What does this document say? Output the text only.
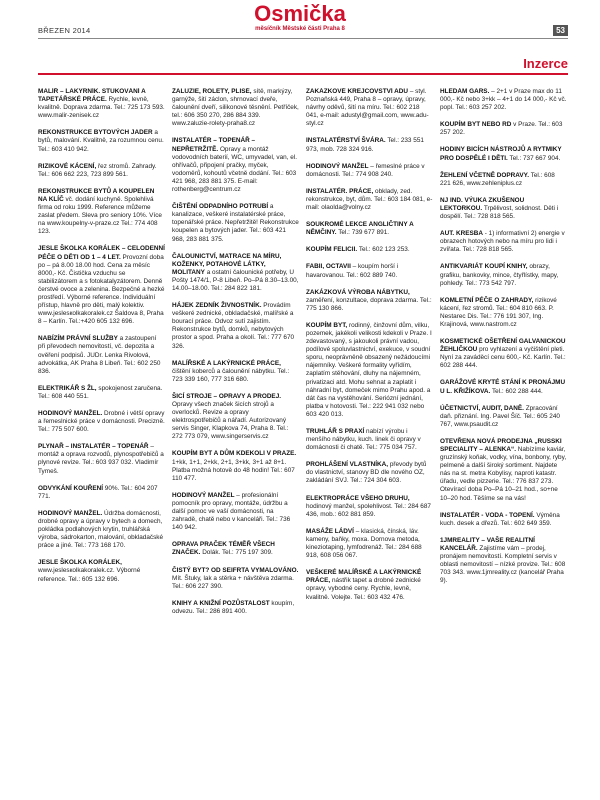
BŘEZEN 2014
Osmička
měsíčník Městské části Praha 8	53
Inzerce

MALÍŘ – LAKÝRNÍK. ŠTUKOVÁNÍ A TAPETÁŘSKÉ PRÁCE. Rychle, levně, kvalitně. Doprava zdarma. Tel.: 725 173 593. www.malir-zenisek.cz

REKONSTRUKCE BYTOVÝCH JADER a bytů, malování. Kvalitně, za rozumnou cenu. Tel.: 603 410 942.

RIZIKOVÉ KÁCENÍ, řez stromů. Zahrady. Tel.: 606 662 223, 723 899 561.

REKONSTRUKCE BYTŮ A KOUPELEN NA KLÍČ vč. dodání kuchyně. Spolehlivá firma od roku 1999. Reference můžeme zaslat předem. Sleva pro seniory 10%. Více na www.koupelny-v-praze.cz Tel.: 774 408 123.

JESLE ŠKOLKA KORÁLEK – CELODENNÍ PÉČE O DĚTI OD 1 – 4 LET. Provozní doba po – pá 8.00 18.00 hod. Cena za měsíc 8000,- Kč. Čistička vzduchu se stabilizátorem a s fotokatalyzátorem. Denně čerstvé ovoce a zelenina. Bezpečné a hezké prostředí. Výborné reference. Individuální přístup, hlavně pro děti, malý kolektiv. www.jeslesкolkakoralek.cz Šaldova 8, Praha 8 – Karlín. Tel.:+420 605 132 696.

NABÍZÍM PRÁVNÍ SLUŽBY a zastoupení při převodech nemovitostí, vč. depozita a ověření podpisů. JUDr. Lenka Rivolová, advokátka, AK Praha 8 Libeň. Tel.: 602 250 836.

ELEKTRIKÁŘ S ŽL, spokojenost zaručena. Tel.: 608 440 551.

HODINOVÝ MANŽEL. Drobné i větší opravy a řemeslnické práce v domácnosti. Precizně. Tel.: 775 507 600.

PLYNAŘ – INSTALATÉR – TOPENÁŘ – montáž a oprava rozvodů, plynospotřebičů a plynové revize. Tel.: 603 937 032. Vladimír Tymeš.

ODVYKÁNÍ KOUŘENÍ 90%. Tel.: 604 207 771.

HODINOVÝ MANŽEL. Údržba domácnosti, drobné opravy a úpravy v bytech a domech, pokládka podlahových krytin, truhlářská výroba, sádrokarton, malování, obkladačské práce a jiné. Tel.: 773 168 170.

JESLE ŠKOLKA KORÁLEK, www.jeslesкolkakoralek.cz. Výborné reference. Tel.: 605 132 696.

ŽALUZIE, ROLETY, PLISÉ, sítě, markýzy, garnýže, šití záclon, shrnovací dveře, čalounění dveří, silikonové těsnění. Petříček, tel.: 606 350 270, 286 884 339. www.zaluzie-rolety-praha8.cz

INSTALATÉR – TOPENÁŘ – NEPŘETRŽITĚ. Opravy a montáž vodovodních baterií, WC, umyvadel, van, el. ohřívačů, připojení pračky, myček, vodoměrů, kohoutů včetně dodání. Tel.: 603 421 968, 283 881 375. E-mail: rothenberg@centrum.cz

ČIŠTĚNÍ ODPADNÍHO POTRUBÍ a kanalizace, veškeré instalatérské práce, topenářské práce. Nepřetržitě! Rekonstrukce koupelen a bytových jader. Tel.: 603 421 968, 283 881 375.

ČALOUNICTVÍ, MATRACE NA MÍRU, KOŽENKY, POTAHOVÉ LÁTKY, MOLITANY a ostatní čalounické potřeby, U Pošty 1474/1, P-8 Libeň. Po–Pá 8.30–13.00, 14.00–18.00. Tel.: 284 822 181.

HÁJEK ZEDNÍK ŽIVNOSTNÍK. Provádím veškeré zednické, obkladačské, malířské a bourací práce. Odvoz sutí zajistím. Rekonstrukce bytů, domků, nebytových prostor a spod. Praha a okolí. Tel.: 777 670 326.

MALÍŘSKÉ A LAKÝRNICKÉ PRÁCE, čištění koberců a čalounění nábytku. Tel.: 723 339 160, 777 316 680.

ŠICÍ STROJE – OPRAVY A PRODEJ. Opravy všech značek šicích strojů a overlocků. Revize a opravy elektrospotřebičů a nářadí. Autorizovaný servis Singer, Klapkova 74, Praha 8. Tel.: 272 773 079, www.singerservis.cz

KOUPÍM BYT A DŮM KDEKOLI V PRAZE. 1+kk, 1+1, 2+kk, 2+1, 3+kk, 3+1 až 8+1. Platba možná hotově do 48 hodin! Tel.: 607 110 477.

HODINOVÝ MANŽEL – profesionální pomocník pro opravy, montáže, údržbu a další pomoc ve vaší domácnosti, na zahradě, chatě nebo v kanceláři. Tel.: 736 140 942.

OPRAVA PRAČEK TÉMĚŘ VŠECH ZNAČEK. Dolák. Tel.: 775 197 309.

ČISTÝ BYT? OD SEIFRTA VYMALOVÁNO. Mít. Štuky, lak a stěrka + návštěva zdarma. Tel.: 606 227 390.

KNIHY A KNIŽNÍ POZŮSTALOST koupím, odvezu. Tel.: 286 891 400.

ZAKÁZKOVÉ KREJČOVSTVÍ ADU – styl. Poznaňská 449, Praha 8 – opravy, úpravy, návrhy oděvů, šití na míru. Tel.: 602 218 041, e-mail: adustyl@gmail.com, www.adu-styl.cz

INSTALATÉRSTVÍ ŠVÁRA. Tel.: 233 551 973, mob. 728 324 916.

HODINOVÝ MANŽEL – řemeslné práce v domácnosti. Tel.: 774 908 240.

INSTALATÉR. PRÁCE, obklady, zed. rekonstrukce, byt, dům. Tel.: 603 184 081, e-mail: olaolda@volny.cz

SOUKROMÉ LEKCE ANGLIČTINY A NĚMČINY. Tel.: 739 677 891.

KOUPÍM FELICII. Tel.: 602 123 253.

FABII, OCTAVII – koupím horší i havarovanou. Tel.: 602 889 740.

ZAKÁZKOVÁ VÝROBA NÁBYTKU, zaměření, konzultace, doprava zdarma. Tel.: 775 130 866.

KOUPÍM BYT, rodinný, činžovní dům, vilku, pozemek, jakékoli velikosti kdekoli v Praze. I zdevastovaný, s jakoukoli právní vadou, podílové spoluvlastnictví, exekuce, v soudní sporu, neoprávněně obsazený nežádoucími nájemníky. Veškeré formality vyřídím, zaplatím stěhování, dluhy na nájemném, privatizaci atd. Mohu sehnat a zaplatit i náhradní byt, domeček mimo Prahu apod. a dát čas na vystěhování. Seriózní jednání, platba v hotovosti. Tel.: 222 941 032 nebo 603 420 013.

TRUHLÁŘ S PRAXÍ nabízí výrobu i menšího nábytku, kuch. linek či opravy v domácnosti či chatě. Tel.: 775 034 757.

PROHLÁŠENÍ VLASTNÍKA, převody bytů do vlastnictví, stanovy BD dle nového OZ, zakládání SVJ. Tel.: 724 304 603.

ELEKTROPRÁCE VŠEHO DRUHU, hodinový manžel, spolehlivost. Tel.: 284 687 436, mob.: 602 881 859.

MASÁŽE LÁDVÍ – klasická, čínská, láv. kameny, baňky, moxa. Dornova metoda, kineziotaping, lymfodrenáž. Tel.: 284 688 918, 608 056 067.

VEŠKERÉ MALÍŘSKÉ A LAKÝRNICKÉ PRÁCE, nástřik tapet a drobné zednické opravy, vybodné ceny. Rychle, levně, kvalitně. Volejte. Tel.: 603 432 476.

HLEDÁM GARS. – 2+1 v Praze max do 11 000,- Kč nebo 3+kk – 4+1 do 14 000,- Kč vč. popl. Tel.: 603 257 202.

KOUPÍM BYT NEBO RD v Praze. Tel.: 603 257 202.

HODINY BICÍCH NÁSTROJŮ A RYTMIKY PRO DOSPĚLÉ I DĚTI. Tel.: 737 667 904.

ŽEHLENÍ VČETNĚ DOPRAVY. Tel.: 608 221 626, www.zehleniplus.cz

NJ IND. VÝUKA ZKUŠENOU LEKTORKOU. Trpělivost, solidnost. Děti i dospělí. Tel.: 728 818 565.

AUT. KRESBA - 1) informativní 2) energie v obrazech hotových nebo na míru pro lidi i zvířata. Tel.: 728 818 565.

ANTIKVARIÁT KOUPÍ KNIHY, obrazy, grafiku, bankovky, mince, čtyřlístky, mapy, pohledy. Tel.: 773 542 797.

KOMLETNÍ PÉČE O ZAHRADY, rizikové kácení, řez stromů. Tel.: 604 810 663. P. Nestarec Dis. Tel.: 776 191 307, Ing. Krajinová, www.nastrom.cz

KOSMETICKÉ OŠETŘENÍ GALVANICKOU ŽEHLIČKOU pro vyhlazení a vyčištění pleti. Nyní za zaváděcí cenu 600,- Kč. Karlín. Tel.: 602 288 444.

GARÁŽOVÉ KRYTÉ STÁNÍ K PRONÁJMU U L. KŘIŽÍKOVA. Tel.: 602 288 444.

ÚČETNICTVÍ, AUDIT, DANĚ. Zpracování daň. přiznání. Ing. Pavel Šíč. Tel.: 605 240 767, www.psaudit.cz

OTEVŘENA NOVÁ PRODEJNA „RUSSKI SPECIALITY – ALENKA“. Nabízíme kaviár, gruzínský koňak, vodky, vína, bonbony, ryby, pelmeně a další široký sortiment. Najdete nás na st. metra Kobylisy, naproti katastr. úřadu, vedle pizzerie. Tel.: 776 837 273. Otevírací doba Po–Pá 10–21 hod., so+ne 10–20 hod. Těšíme se na vás!

INSTALATÉR - VODA - TOPENÍ. Výměna kuch. desek a dřezů. Tel.: 602 649 359.

1JMREALITY – VAŠE REALITNÍ KANCELÁŘ. Zajistíme vám – prodej, pronájem nemovitostí. Kompletní servis v oblasti nemovitostí – nízké provize. Tel.: 608 703 343. www.1jmreality.cz (kancelář Praha 9).
